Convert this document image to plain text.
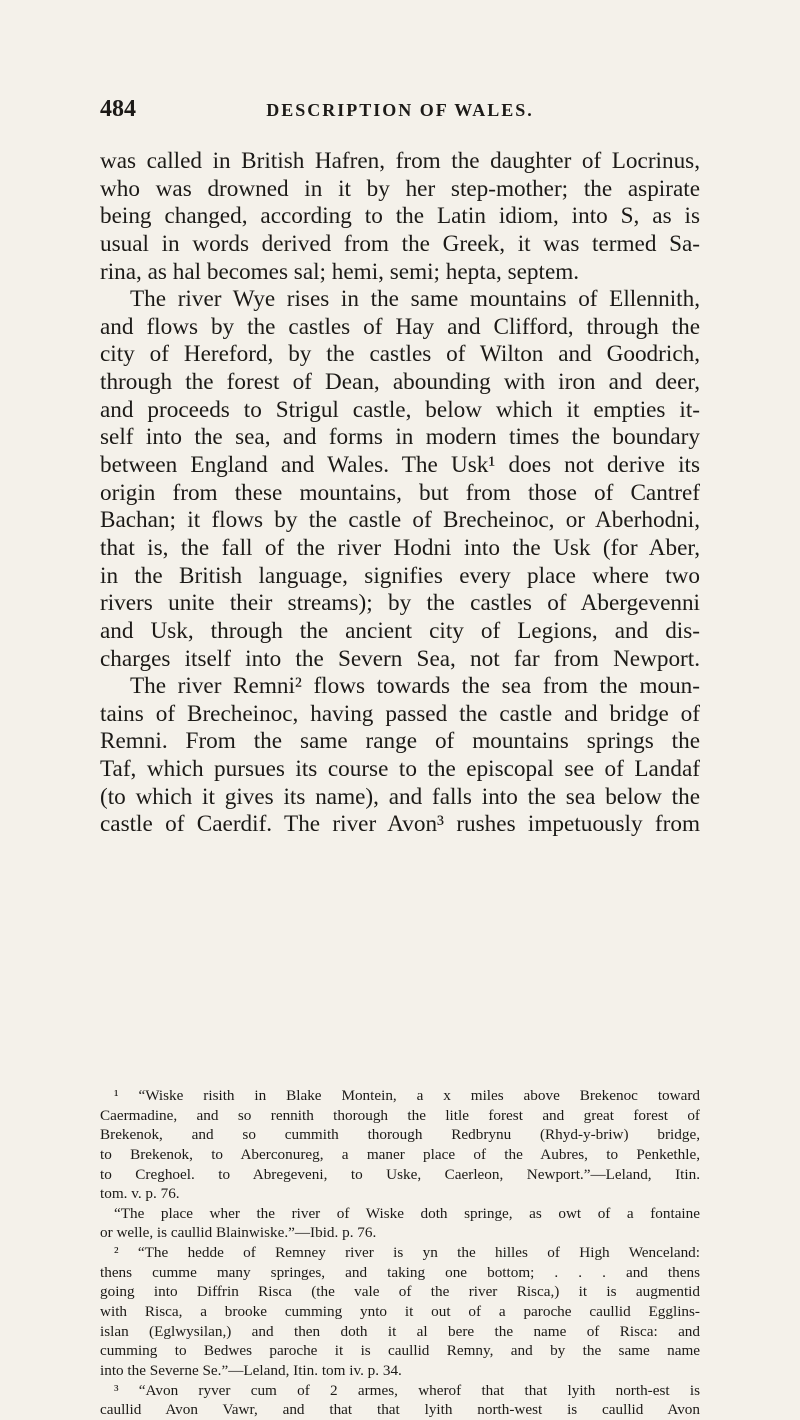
484	DESCRIPTION OF WALES.
was called in British Hafren, from the daughter of Locrinus,
who was drowned in it by her step-mother; the aspirate
being changed, according to the Latin idiom, into S, as is
usual in words derived from the Greek, it was termed Sa-
rina, as hal becomes sal; hemi, semi; hepta, septem.
The river Wye rises in the same mountains of Ellennith,
and flows by the castles of Hay and Clifford, through the
city of Hereford, by the castles of Wilton and Goodrich,
through the forest of Dean, abounding with iron and deer,
and proceeds to Strigul castle, below which it empties it-
self into the sea, and forms in modern times the boundary
between England and Wales. The Usk¹ does not derive its
origin from these mountains, but from those of Cantref
Bachan; it flows by the castle of Brecheinoc, or Aberhodni,
that is, the fall of the river Hodni into the Usk (for Aber,
in the British language, signifies every place where two
rivers unite their streams); by the castles of Abergevenni
and Usk, through the ancient city of Legions, and dis-
charges itself into the Severn Sea, not far from Newport.
The river Remni² flows towards the sea from the moun-
tains of Brecheinoc, having passed the castle and bridge of
Remni. From the same range of mountains springs the
Taf, which pursues its course to the episcopal see of Landaf
(to which it gives its name), and falls into the sea below the
castle of Caerdif. The river Avon³ rushes impetuously from
¹ “Wiske risith in Blake Montein, a x miles above Brekenoc toward
Caermadine, and so rennith thorough the litle forest and great forest of
Brekenok, and so cummith thorough Redbrynu (Rhyd-y-briw) bridge,
to Brekenok, to Aberconureg, a maner place of the Aubres, to Penkethle,
to Creghoel. to Abregeveni, to Uske, Caerleon, Newport.”—Leland, Itin.
tom. v. p. 76.
“The place wher the river of Wiske doth springe, as owt of a fontaine
or welle, is caullid Blainwiske.”—Ibid. p. 76.
² “The hedde of Remney river is yn the hilles of High Wenceland:
thens cumme many springes, and taking one bottom; . . . and thens
going into Diffrin Risca (the vale of the river Risca,) it is augmentid
with Risca, a brooke cumming ynto it out of a paroche caullid Egglins-
islan (Eglwysilan,) and then doth it al bere the name of Risca: and
cumming to Bedwes paroche it is caullid Remny, and by the same name
into the Severne Se.”—Leland, Itin. tom iv. p. 34.
³ “Avon ryver cum of 2 armes, wherof that that lyith north-est is
caullid Avon Vawr, and that that lyith north-west is caullid Avon
